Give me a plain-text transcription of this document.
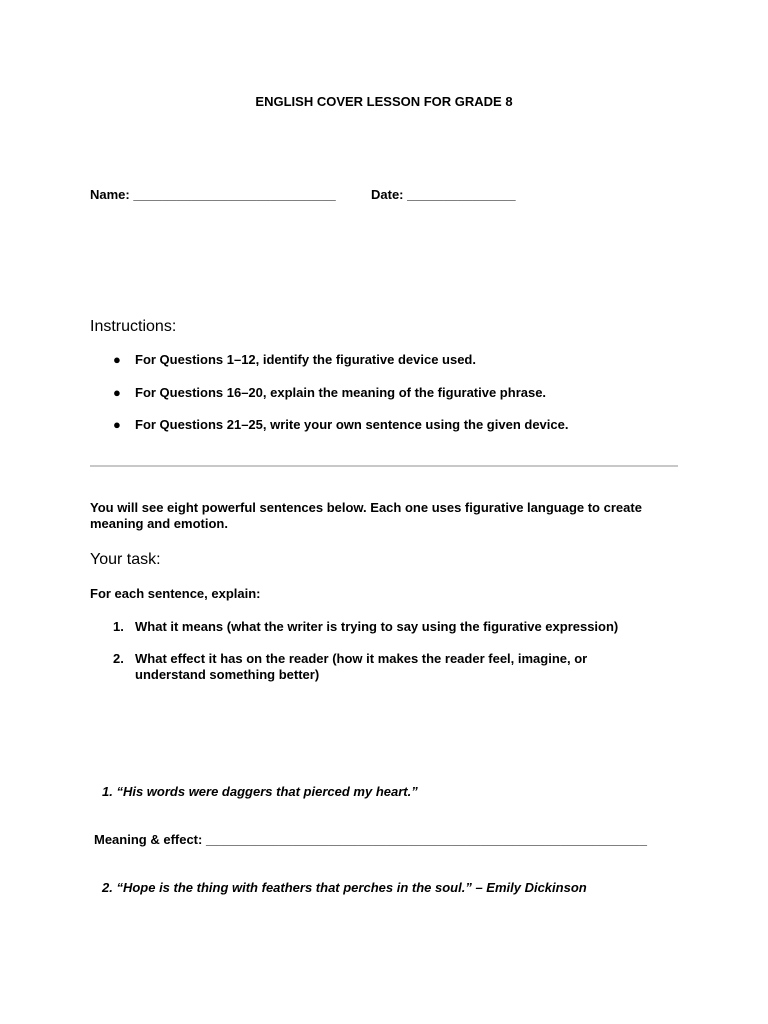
ENGLISH COVER LESSON FOR GRADE 8
Name: ____________________________	Date: _______________
Instructions:
● For Questions 1–12, identify the figurative device used.
● For Questions 16–20, explain the meaning of the figurative phrase.
● For Questions 21–25, write your own sentence using the given device.
You will see eight powerful sentences below. Each one uses figurative language to create meaning and emotion.
Your task:
For each sentence, explain:
1. What it means (what the writer is trying to say using the figurative expression)
2. What effect it has on the reader (how it makes the reader feel, imagine, or understand something better)
1. “His words were daggers that pierced my heart.”
Meaning & effect: _____________________________________________________________
2. “Hope is the thing with feathers that perches in the soul.” – Emily Dickinson
